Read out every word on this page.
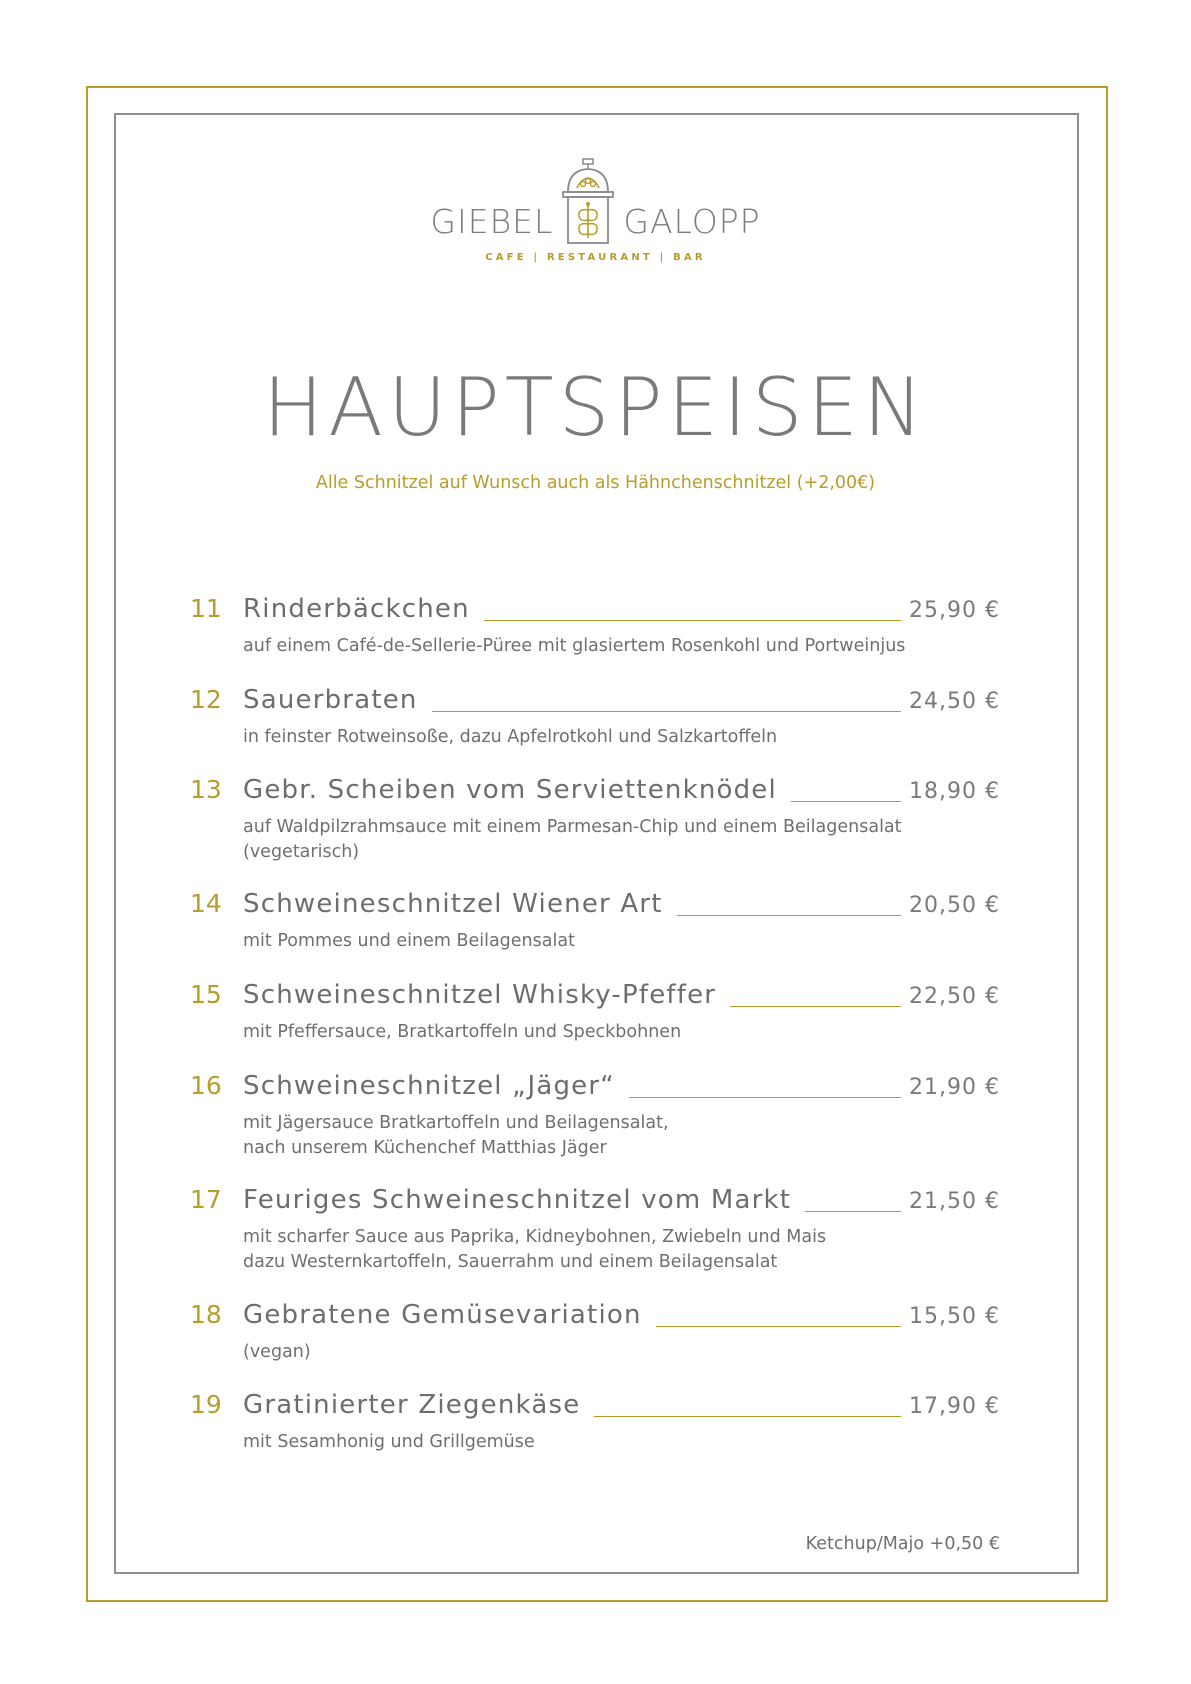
GIEBEL GALOPP
CAFE | RESTAURANT | BAR
HAUPTSPEISEN
Alle Schnitzel auf Wunsch auch als Hähnchenschnitzel (+2,00€)
11 Rinderbäckchen	25,90 €
auf einem Café-de-Sellerie-Püree mit glasiertem Rosenkohl und Portweinjus
12 Sauerbraten	24,50 €
in feinster Rotweinsoße, dazu Apfelrotkohl und Salzkartoffeln
13 Gebr. Scheiben vom Serviettenknödel	18,90 €
auf Waldpilzrahmsauce mit einem Parmesan-Chip und einem Beilagensalat
(vegetarisch)
14 Schweineschnitzel Wiener Art	20,50 €
mit Pommes und einem Beilagensalat
15 Schweineschnitzel Whisky-Pfeffer	22,50 €
mit Pfeffersauce, Bratkartoffeln und Speckbohnen
16 Schweineschnitzel „Jäger“	21,90 €
mit Jägersauce Bratkartoffeln und Beilagensalat,
nach unserem Küchenchef Matthias Jäger
17 Feuriges Schweineschnitzel vom Markt	21,50 €
mit scharfer Sauce aus Paprika, Kidneybohnen, Zwiebeln und Mais
dazu Westernkartoffeln, Sauerrahm und einem Beilagensalat
18 Gebratene Gemüsevariation	15,50 €
(vegan)
19 Gratinierter Ziegenkäse	17,90 €
mit Sesamhonig und Grillgemüse
Ketchup/Majo +0,50 €
